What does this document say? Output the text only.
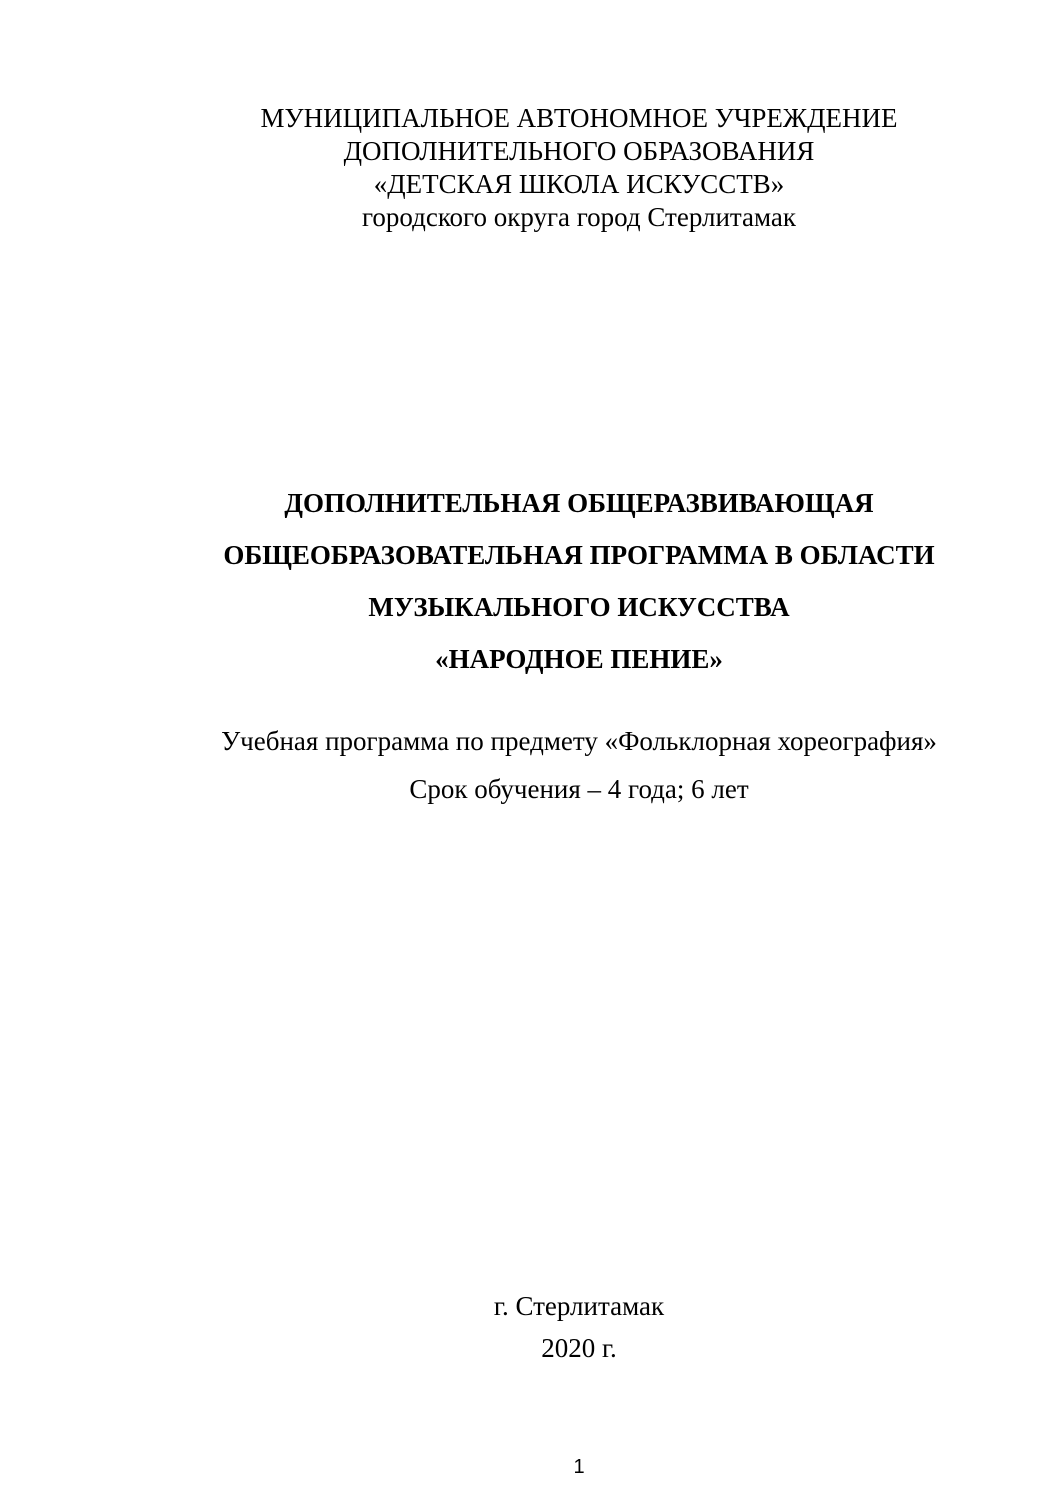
МУНИЦИПАЛЬНОЕ АВТОНОМНОЕ УЧРЕЖДЕНИЕ
ДОПОЛНИТЕЛЬНОГО ОБРАЗОВАНИЯ
«ДЕТСКАЯ ШКОЛА ИСКУССТВ»
городского округа город Стерлитамак
ДОПОЛНИТЕЛЬНАЯ ОБЩЕРАЗВИВАЮЩАЯ
ОБЩЕОБРАЗОВАТЕЛЬНАЯ ПРОГРАММА В ОБЛАСТИ
МУЗЫКАЛЬНОГО ИСКУССТВА
«НАРОДНОЕ ПЕНИЕ»
Учебная программа по предмету «Фольклорная хореография»
Срок обучения – 4 года; 6 лет
г. Стерлитамак
2020 г.
1
